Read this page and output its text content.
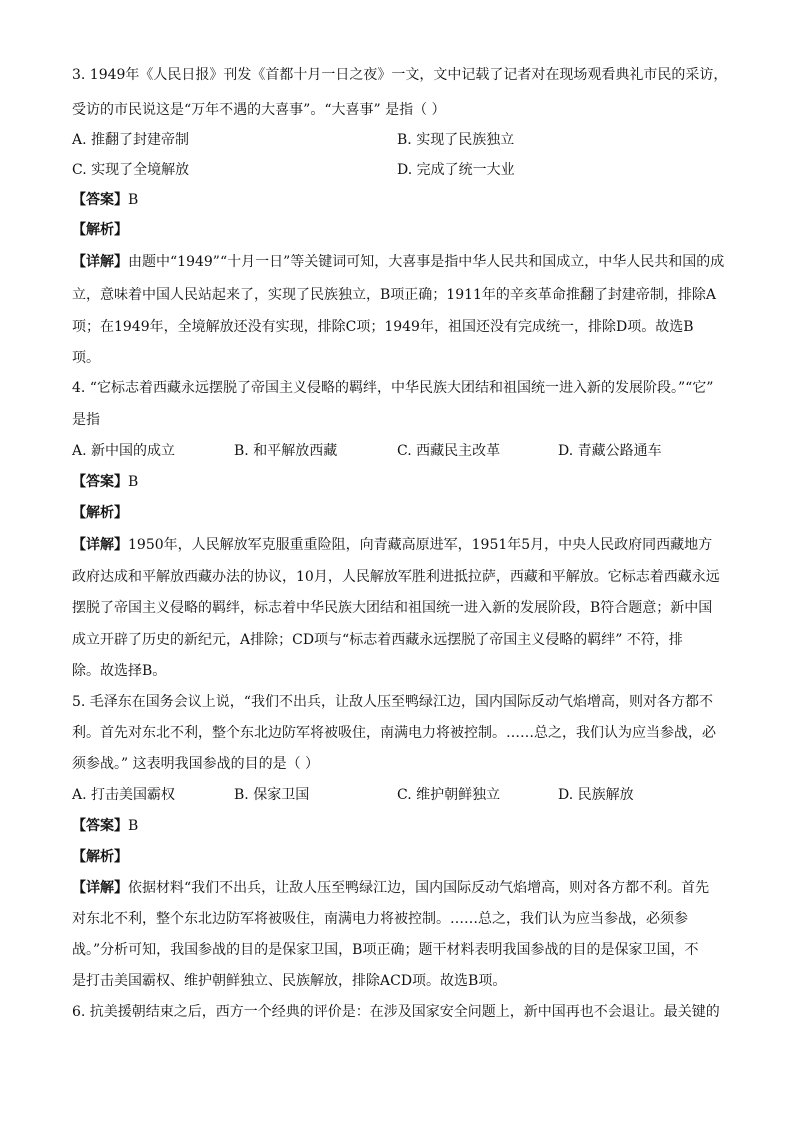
3. 1949年《人民日报》刊发《首都十月一日之夜》一文，文中记载了记者对在现场观看典礼市民的采访，
受访的市民说这是“万年不遇的大喜事”。“大喜事” 是指（ ）
A. 推翻了封建帝制	B. 实现了民族独立
C. 实现了全境解放	D. 完成了统一大业
【答案】B
【解析】
【详解】由题中“1949”“十月一日”等关键词可知，大喜事是指中华人民共和国成立，中华人民共和国的成
立，意味着中国人民站起来了，实现了民族独立，B项正确；1911年的辛亥革命推翻了封建帝制，排除A
项；在1949年，全境解放还没有实现，排除C项；1949年，祖国还没有完成统一，排除D项。故选B
项。
4. “它标志着西藏永远摆脱了帝国主义侵略的羁绊，中华民族大团结和祖国统一进入新的发展阶段。”“它”
是指
A. 新中国的成立	B. 和平解放西藏	C. 西藏民主改革	D. 青藏公路通车
【答案】B
【解析】
【详解】1950年，人民解放军克服重重险阻，向青藏高原进军，1951年5月，中央人民政府同西藏地方
政府达成和平解放西藏办法的协议，10月，人民解放军胜利进抵拉萨，西藏和平解放。它标志着西藏永远
摆脱了帝国主义侵略的羁绊，标志着中华民族大团结和祖国统一进入新的发展阶段，B符合题意；新中国
成立开辟了历史的新纪元，A排除；CD项与“标志着西藏永远摆脱了帝国主义侵略的羁绊” 不符，排
除。故选择B。
5. 毛泽东在国务会议上说，“我们不出兵，让敌人压至鸭绿江边，国内国际反动气焰增高，则对各方都不
利。首先对东北不利，整个东北边防军将被吸住，南满电力将被控制。……总之，我们认为应当参战，必
须参战。” 这表明我国参战的目的是（ ）
A. 打击美国霸权	B. 保家卫国	C. 维护朝鲜独立	D. 民族解放
【答案】B
【解析】
【详解】依据材料“我们不出兵，让敌人压至鸭绿江边，国内国际反动气焰增高，则对各方都不利。首先
对东北不利，整个东北边防军将被吸住，南满电力将被控制。……总之，我们认为应当参战，必须参
战。”分析可知，我国参战的目的是保家卫国，B项正确；题干材料表明我国参战的目的是保家卫国，不
是打击美国霸权、维护朝鲜独立、民族解放，排除ACD项。故选B项。
6. 抗美援朝结束之后，西方一个经典的评价是：在涉及国家安全问题上，新中国再也不会退让。最关键的
